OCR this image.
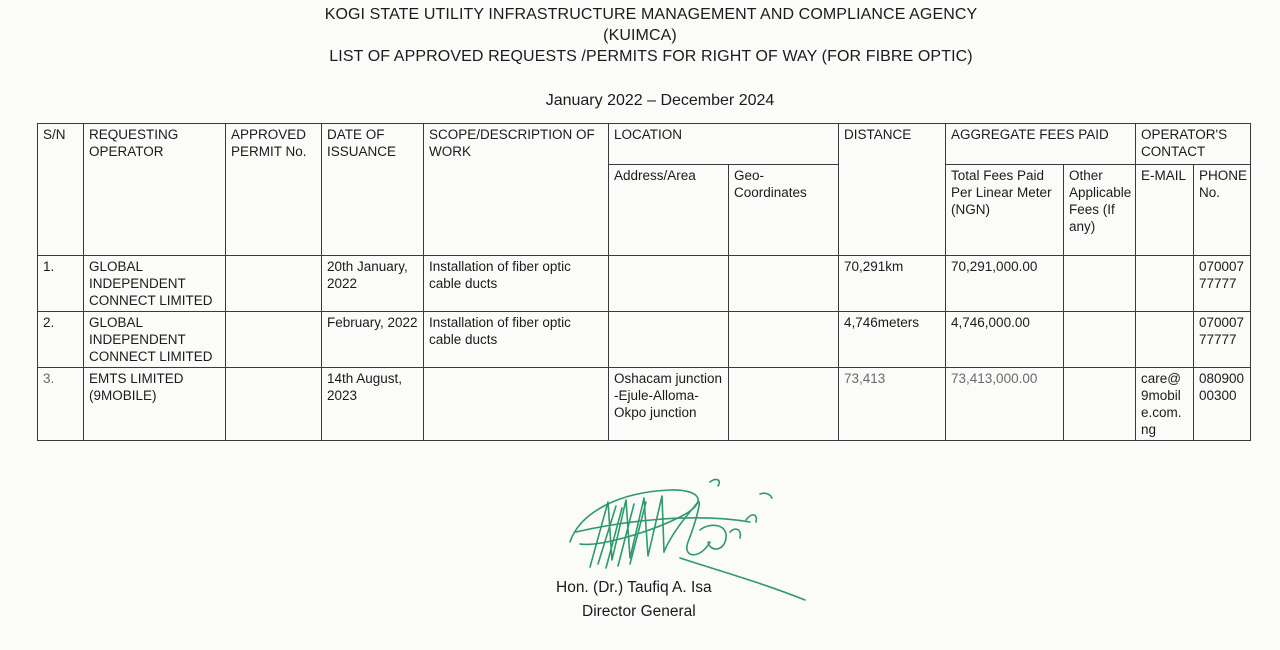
KOGI STATE UTILITY INFRASTRUCTURE MANAGEMENT AND COMPLIANCE AGENCY
(KUIMCA)
LIST OF APPROVED REQUESTS /PERMITS FOR RIGHT OF WAY (FOR FIBRE OPTIC)
January 2022 – December 2024
S/N	REQUESTING OPERATOR	APPROVED PERMIT No.	DATE OF ISSUANCE	SCOPE/DESCRIPTION OF WORK	LOCATION		DISTANCE	AGGREGATE FEES PAID		OPERATOR'S CONTACT	
					Address/Area	Geo-Coordinates		Total Fees Paid Per Linear Meter (NGN)	Other Applicable Fees (If any)	E-MAIL	PHONE No.
1.	GLOBAL INDEPENDENT CONNECT LIMITED		20th January, 2022	Installation of fiber optic cable ducts			70,291km	70,291,000.00			07000777777
2.	GLOBAL INDEPENDENT CONNECT LIMITED		February, 2022	Installation of fiber optic cable ducts			4,746meters	4,746,000.00			07000777777
3.	EMTS LIMITED (9MOBILE)		14th August, 2023		Oshacam junction -Ejule-Alloma-Okpo junction		73,413	73,413,000.00		care@9mobile.com.ng	08090000300
Hon. (Dr.) Taufiq A. Isa
Director General
